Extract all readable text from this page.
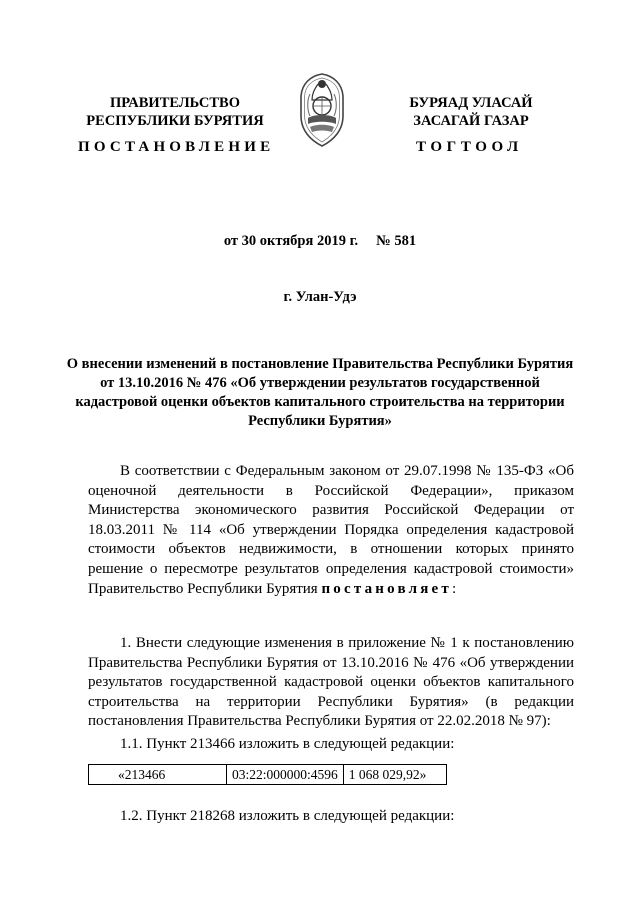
ПРАВИТЕЛЬСТВО
РЕСПУБЛИКИ БУРЯТИЯ
ПОСТАНОВЛЕНИЕ
БУРЯАД УЛАСАЙ
ЗАСАГАЙ ГАЗАР
ТОГТООЛ
от 30 октября 2019 г. № 581
г. Улан-Удэ
О внесении изменений в постановление Правительства Республики Бурятия от 13.10.2016 № 476 «Об утверждении результатов государственной кадастровой оценки объектов капитального строительства на территории Республики Бурятия»
В соответствии с Федеральным законом от 29.07.1998 № 135-ФЗ «Об оценочной деятельности в Российской Федерации», приказом Министерства экономического развития Российской Федерации от 18.03.2011 № 114 «Об утверждении Порядка определения кадастровой стоимости объектов недвижимости, в отношении которых принято решение о пересмотре результатов определения кадастровой стоимости» Правительство Республики Бурятия постановляет:
1. Внести следующие изменения в приложение № 1 к постановлению Правительства Республики Бурятия от 13.10.2016 № 476 «Об утверждении результатов государственной кадастровой оценки объектов капитального строительства на территории Республики Бурятия» (в редакции постановления Правительства Республики Бурятия от 22.02.2018 № 97):
1.1. Пункт 213466 изложить в следующей редакции:
«213466	03:22:000000:4596	1 068 029,92»
1.2. Пункт 218268 изложить в следующей редакции:
